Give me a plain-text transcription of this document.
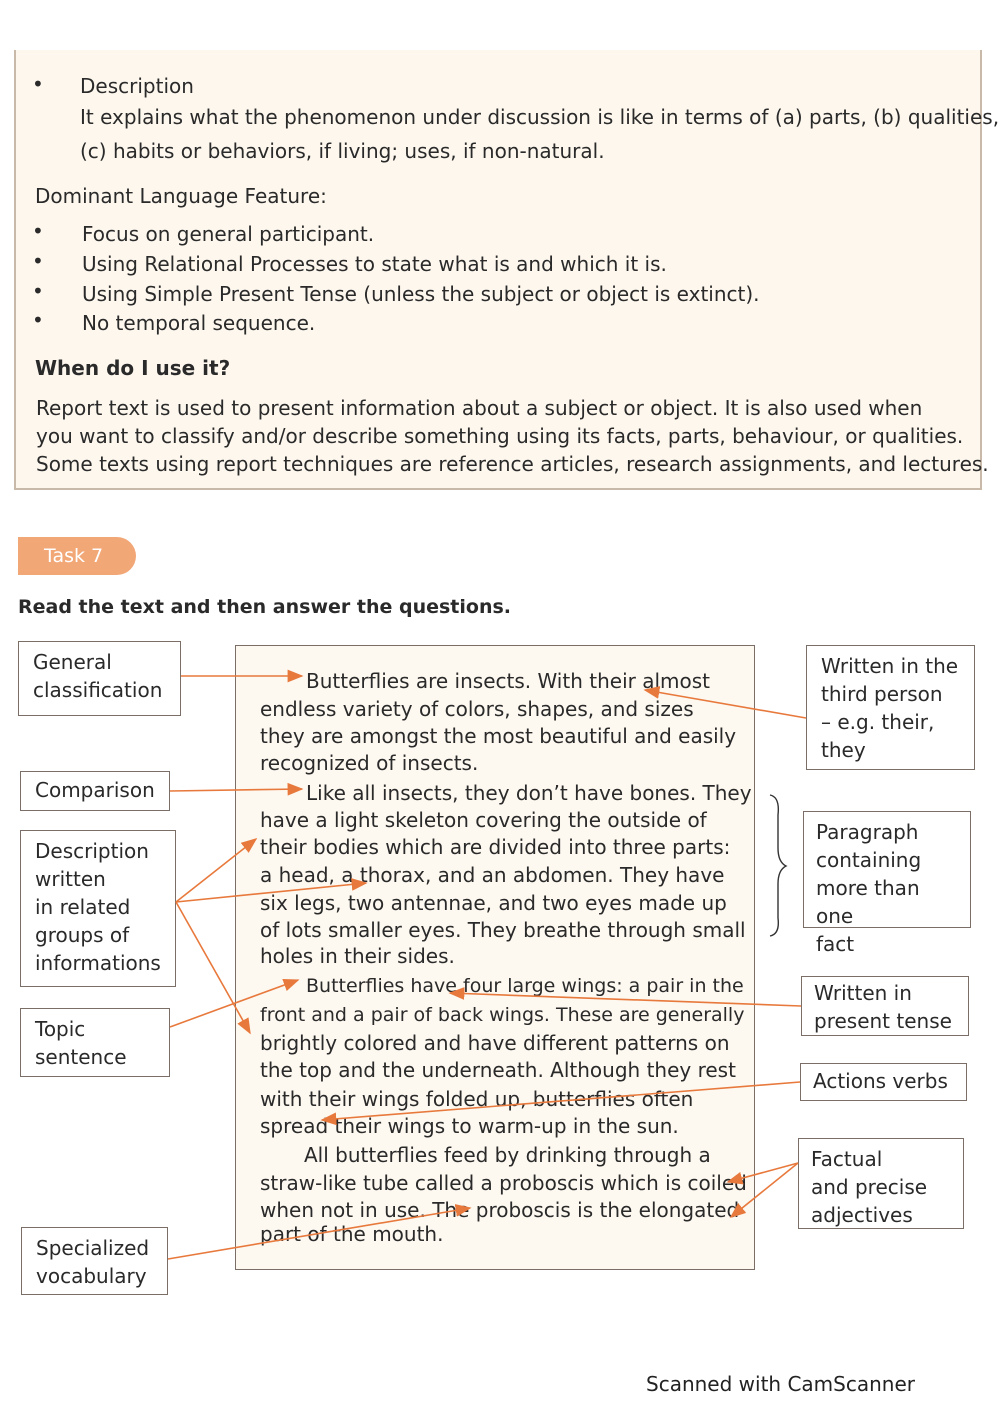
• Description
It explains what the phenomenon under discussion is like in terms of (a) parts, (b) qualities,
(c) habits or behaviors, if living; uses, if non-natural.
Dominant Language Feature:
• Focus on general participant.
• Using Relational Processes to state what is and which it is.
• Using Simple Present Tense (unless the subject or object is extinct).
• No temporal sequence.
When do I use it?
Report text is used to present information about a subject or object. It is also used when
you want to classify and/or describe something using its facts, parts, behaviour, or qualities.
Some texts using report techniques are reference articles, research assignments, and lectures.
Task 7
Read the text and then answer the questions.
Butterflies are insects. With their almost
endless variety of colors, shapes, and sizes
they are amongst the most beautiful and easily
recognized of insects.
Like all insects, they don’t have bones. They
have a light skeleton covering the outside of
their bodies which are divided into three parts:
a head, a thorax, and an abdomen. They have
six legs, two antennae, and two eyes made up
of lots smaller eyes. They breathe through small
holes in their sides.
Butterflies have four large wings: a pair in the
front and a pair of back wings. These are generally
brightly colored and have different patterns on
the top and the underneath. Although they rest
with their wings folded up, butterflies often
spread their wings to warm-up in the sun.
All butterflies feed by drinking through a
straw-like tube called a proboscis which is coiled
when not in use. The proboscis is the elongated
part of the mouth.
General
classification
Comparison
Description
written
in related
groups of
informations
Topic
sentence
Specialized
vocabulary
Written in the
third person
– e.g. their,
they
Paragraph
containing
more than one
fact
Written in
present tense
Actions verbs
Factual
and precise
adjectives
Scanned with CamScanner
